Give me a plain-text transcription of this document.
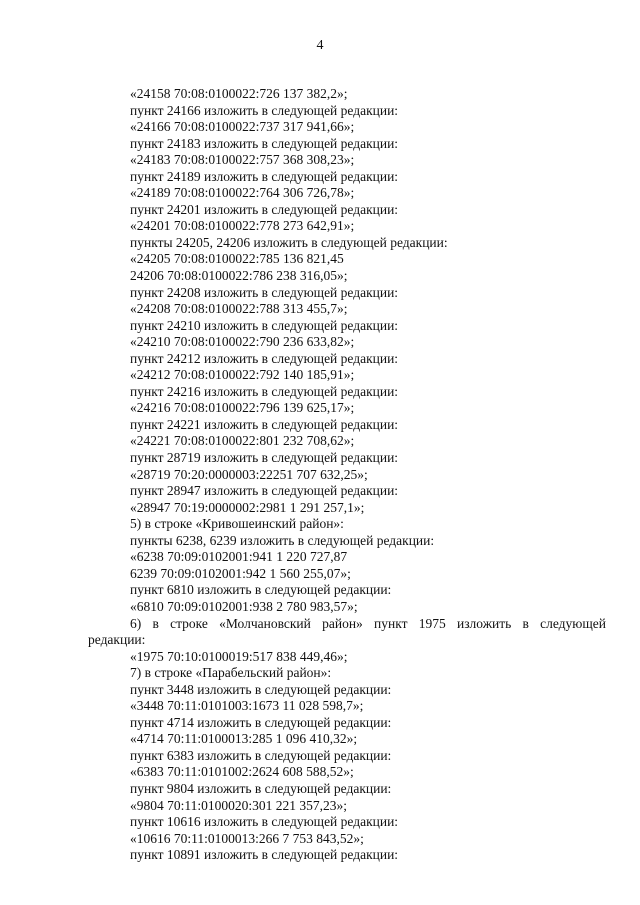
4
«24158 70:08:0100022:726 137 382,2»;
пункт 24166 изложить в следующей редакции:
«24166 70:08:0100022:737 317 941,66»;
пункт 24183 изложить в следующей редакции:
«24183 70:08:0100022:757 368 308,23»;
пункт 24189 изложить в следующей редакции:
«24189 70:08:0100022:764 306 726,78»;
пункт 24201 изложить в следующей редакции:
«24201 70:08:0100022:778 273 642,91»;
пункты 24205, 24206 изложить в следующей редакции:
«24205 70:08:0100022:785 136 821,45
24206 70:08:0100022:786 238 316,05»;
пункт 24208 изложить в следующей редакции:
«24208 70:08:0100022:788 313 455,7»;
пункт 24210 изложить в следующей редакции:
«24210 70:08:0100022:790 236 633,82»;
пункт 24212 изложить в следующей редакции:
«24212 70:08:0100022:792 140 185,91»;
пункт 24216 изложить в следующей редакции:
«24216 70:08:0100022:796 139 625,17»;
пункт 24221 изложить в следующей редакции:
«24221 70:08:0100022:801 232 708,62»;
пункт 28719 изложить в следующей редакции:
«28719 70:20:0000003:22251 707 632,25»;
пункт 28947 изложить в следующей редакции:
«28947 70:19:0000002:2981 1 291 257,1»;
5) в строке «Кривошеинский район»:
пункты 6238, 6239 изложить в следующей редакции:
«6238 70:09:0102001:941 1 220 727,87
6239 70:09:0102001:942 1 560 255,07»;
пункт 6810 изложить в следующей редакции:
«6810 70:09:0102001:938 2 780 983,57»;
6) в строке «Молчановский район» пункт 1975 изложить в следующей
редакции:
«1975 70:10:0100019:517 838 449,46»;
7) в строке «Парабельский район»:
пункт 3448 изложить в следующей редакции:
«3448 70:11:0101003:1673 11 028 598,7»;
пункт 4714 изложить в следующей редакции:
«4714 70:11:0100013:285 1 096 410,32»;
пункт 6383 изложить в следующей редакции:
«6383 70:11:0101002:2624 608 588,52»;
пункт 9804 изложить в следующей редакции:
«9804 70:11:0100020:301 221 357,23»;
пункт 10616 изложить в следующей редакции:
«10616 70:11:0100013:266 7 753 843,52»;
пункт 10891 изложить в следующей редакции:
